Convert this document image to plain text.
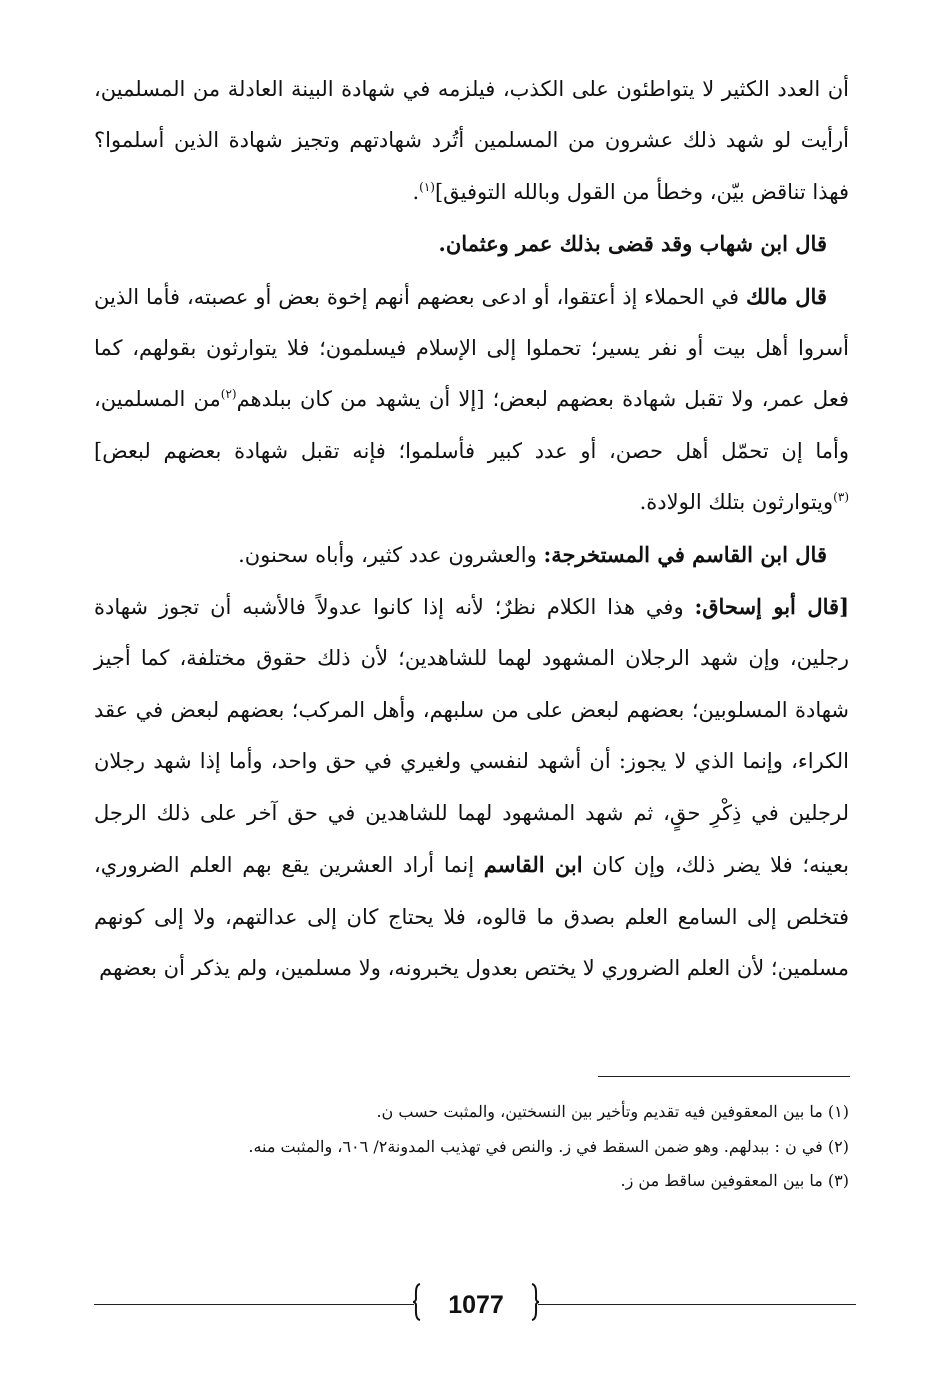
أن العدد الكثير لا يتواطئون على الكذب، فيلزمه في شهادة البينة العادلة من المسلمين، أرأيت لو شهد ذلك عشرون من المسلمين أتُرد شهادتهم وتجيز شهادة الذين أسلموا؟ فهذا تناقض بيّن، وخطأ من القول وبالله التوفيق]$^{(١)}$.

قال ابن شهاب وقد قضى بذلك عمر وعثمان.

قال مالك في الحملاء إذ أعتقوا، أو ادعى بعضهم أنهم إخوة بعض أو عصبته، فأما الذين أسروا أهل بيت أو نفر يسير؛ تحملوا إلى الإسلام فيسلمون؛ فلا يتوارثون بقولهم، كما فعل عمر، ولا تقبل شهادة بعضهم لبعض؛ [إلا أن يشهد من كان ببلدهم$^{(٢)}$من المسلمين، وأما إن تحمّل أهل حصن، أو عدد كبير فأسلموا؛ فإنه تقبل شهادة بعضهم لبعض]$^{(٣)}$ويتوارثون بتلك الولادة.

قال ابن القاسم في المستخرجة: والعشرون عدد كثير، وأباه سحنون.

[قال أبو إسحاق: وفي هذا الكلام نظرٌ؛ لأنه إذا كانوا عدولاً فالأشبه أن تجوز شهادة رجلين، وإن شهد الرجلان المشهود لهما للشاهدين؛ لأن ذلك حقوق مختلفة، كما أجيز شهادة المسلوبين؛ بعضهم لبعض على من سلبهم، وأهل المركب؛ بعضهم لبعض في عقد الكراء، وإنما الذي لا يجوز: أن أشهد لنفسي ولغيري في حق واحد، وأما إذا شهد رجلان لرجلين في ذِكْرِ حقٍ، ثم شهد المشهود لهما للشاهدين في حق آخر على ذلك الرجل بعينه؛ فلا يضر ذلك، وإن كان ابن القاسم إنما أراد العشرين يقع بهم العلم الضروري، فتخلص إلى السامع العلم بصدق ما قالوه، فلا يحتاج كان إلى عدالتهم، ولا إلى كونهم مسلمين؛ لأن العلم الضروري لا يختص بعدول يخبرونه، ولا مسلمين، ولم يذكر أن بعضهم

(١) ما بين المعقوفين فيه تقديم وتأخير بين النسختين، والمثبت حسب ن.

(٢) في ن : ببدلهم. وهو ضمن السقط في ز. والنص في تهذيب المدونة٢/ ٦٠٦، والمثبت منه.

(٣) ما بين المعقوفين ساقط من ز.

1077
